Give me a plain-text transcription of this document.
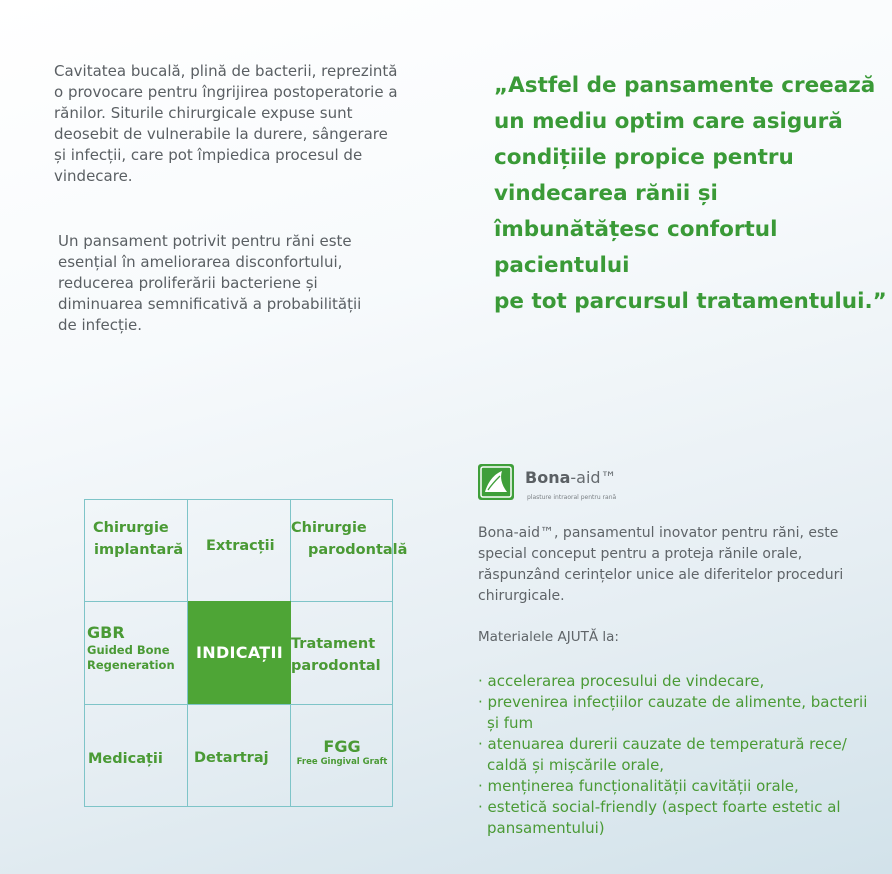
Cavitatea bucală, plină de bacterii, reprezintă o provocare pentru îngrijirea postoperatorie a rănilor. Siturile chirurgicale expuse sunt deosebit de vulnerabile la durere, sângerare și infecții, care pot împiedica procesul de vindecare.

Un pansament potrivit pentru răni este esențial în ameliorarea disconfortului, reducerea proliferării bacteriene și diminuarea semnificativă a probabilității de infecție.

„Astfel de pansamente creează
un mediu optim care asigură
condițiile propice pentru
vindecarea rănii și
îmbunătățesc confortul
pacientului
pe tot parcursul tratamentului.”
INDICAȚII
Chirurgie
implantară Extracții
Chirurgie
parodontală
GBR
Guided Bone
Regeneration
Tratament
parodontal
Medicații Detartraj
FGG
Free Gingival Graft
Bona-aid™
plasture intraoral pentru rană
Bona-aid™, pansamentul inovator pentru răni, este special conceput pentru a proteja rănile orale, răspunzând cerințelor unice ale diferitelor proceduri chirurgicale.
Materialele AJUTĂ la:
· accelerarea procesului de vindecare,
· prevenirea infecțiilor cauzate de alimente, bacterii și fum
· atenuarea durerii cauzate de temperatură rece/ caldă și mișcările orale,
· menținerea funcționalității cavității orale,
· estetică social-friendly (aspect foarte estetic al pansamentului)
